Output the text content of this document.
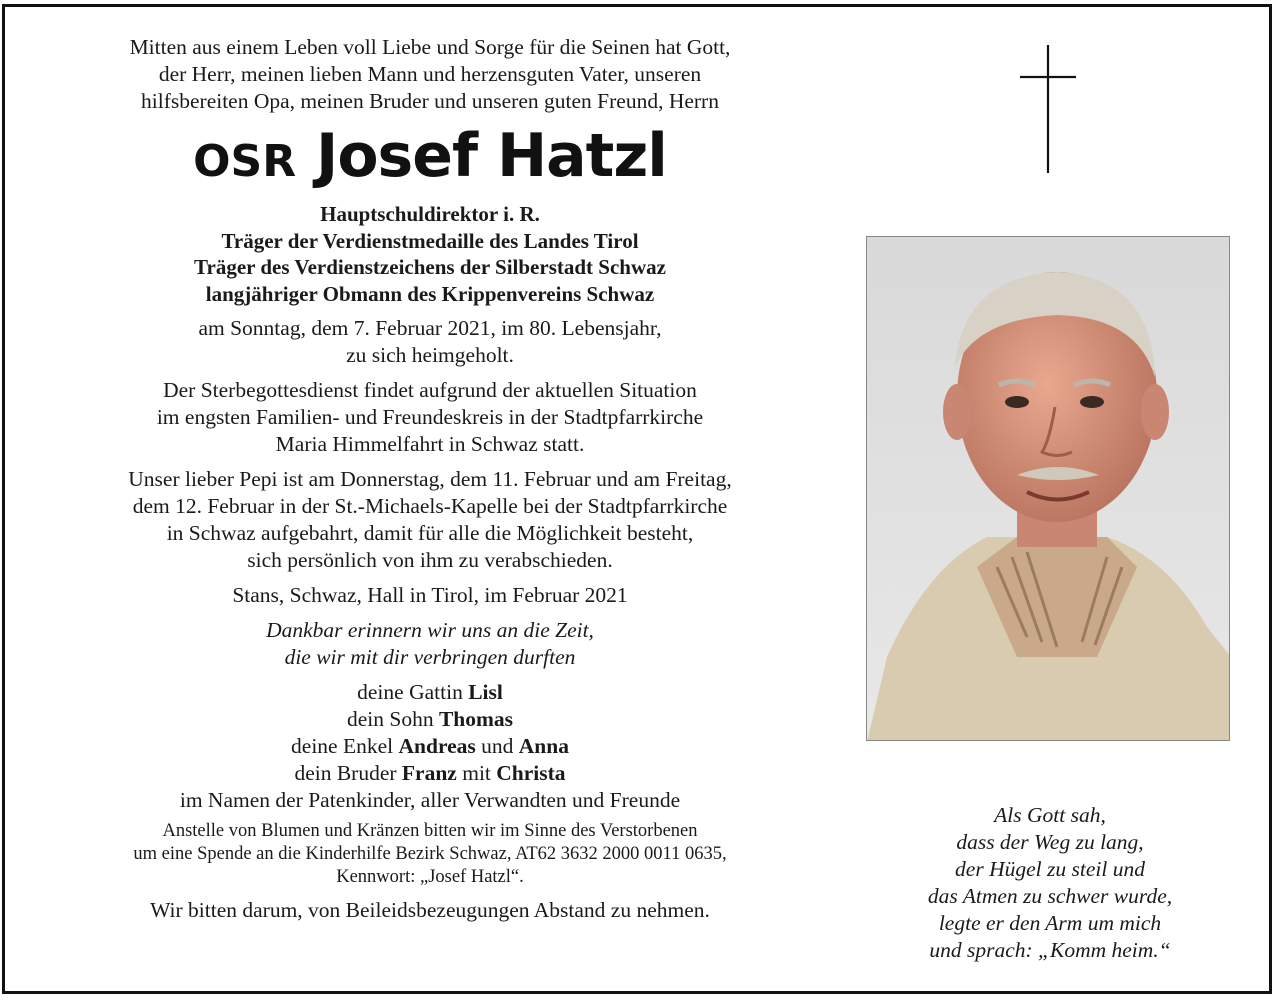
Mitten aus einem Leben voll Liebe und Sorge für die Seinen hat Gott,

der Herr, meinen lieben Mann und herzensguten Vater, unseren

hilfsbereiten Opa, meinen Bruder und unseren guten Freund, Herrn

OSR Josef Hatzl
Hauptschuldirektor i. R.
Träger der Verdienstmedaille des Landes Tirol
Träger des Verdienstzeichens der Silberstadt Schwaz
langjähriger Obmann des Krippenvereins Schwaz

am Sonntag, dem 7. Februar 2021, im 80. Lebensjahr,

zu sich heimgeholt.

Der Sterbegottesdienst findet aufgrund der aktuellen Situation

im engsten Familien- und Freundeskreis in der Stadtpfarrkirche

Maria Himmelfahrt in Schwaz statt.

Unser lieber Pepi ist am Donnerstag, dem 11. Februar und am Freitag,

dem 12. Februar in der St.-Michaels-Kapelle bei der Stadtpfarrkirche

in Schwaz aufgebahrt, damit für alle die Möglichkeit besteht,

sich persönlich von ihm zu verabschieden.

Stans, Schwaz, Hall in Tirol, im Februar 2021

Dankbar erinnern wir uns an die Zeit,

die wir mit dir verbringen durften

deine Gattin Lisl

dein Sohn Thomas

deine Enkel Andreas und Anna

dein Bruder Franz mit Christa

im Namen der Patenkinder, aller Verwandten und Freunde

Anstelle von Blumen und Kränzen bitten wir im Sinne des Verstorbenen

um eine Spende an die Kinderhilfe Bezirk Schwaz, AT62 3632 2000 0011 0635,

Kennwort: „Josef Hatzl“.

Wir bitten darum, von Beileidsbezeugungen Abstand zu nehmen.

Als Gott sah,
dass der Weg zu lang,
der Hügel zu steil und
das Atmen zu schwer wurde,
legte er den Arm um mich
und sprach: „Komm heim.“
